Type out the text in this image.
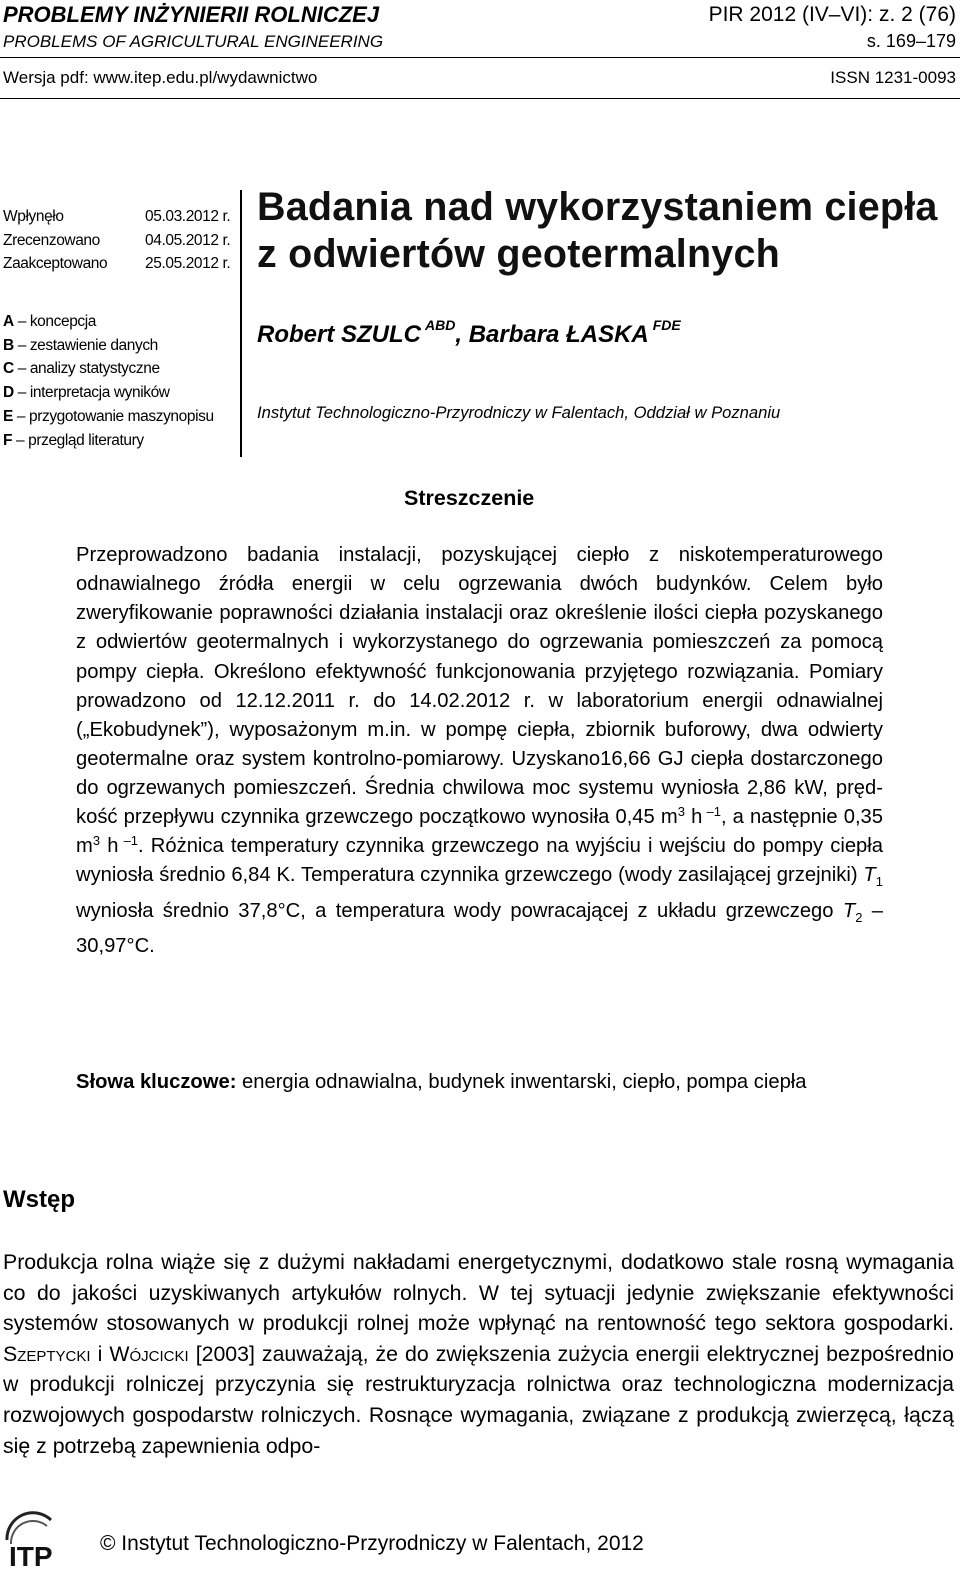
PROBLEMY INŻYNIERII ROLNICZEJ
PROBLEMS OF AGRICULTURAL ENGINEERING
PIR 2012 (IV–VI): z. 2 (76)
s. 169–179
Wersja pdf: www.itep.edu.pl/wydawnictwo	ISSN 1231-0093
Wpłynęło	05.03.2012 r.
Zrecenzowano	04.05.2012 r.
Zaakceptowano	25.05.2012 r.
A – koncepcja
B – zestawienie danych
C – analizy statystyczne
D – interpretacja wyników
E – przygotowanie maszynopisu
F – przegląd literatury
Badania nad wykorzystaniem ciepła
z odwiertów geotermalnych
Robert SZULC $^{ABD}$, Barbara ŁASKA $^{FDE}$
Instytut Technologiczno-Przyrodniczy w Falentach, Oddział w Poznaniu
Streszczenie

Przeprowadzono badania instalacji, pozyskującej ciepło z niskotemperaturowego odnawialnego źródła energii w celu ogrzewania dwóch budynków. Celem było zweryfikowanie poprawności działania instalacji oraz określenie ilości ciepła pozyskanego z odwiertów geotermalnych i wykorzystanego do ogrzewania pomieszczeń za pomocą pompy ciepła. Określono efektywność funkcjonowania przyjętego rozwiązania. Pomiary prowadzono od 12.12.2011 r. do 14.02.2012 r. w laboratorium energii odnawialnej („Ekobudynek”), wyposażonym m.in. w pompę ciepła, zbiornik buforowy, dwa odwierty geotermalne oraz system kontrolno-pomiarowy. Uzyskano16,66 GJ ciepła dostarczonego do ogrzewanych pomieszczeń. Średnia chwilowa moc systemu wyniosła 2,86 kW, prędkość przepływu czynnika grzewczego początkowo wynosiła 0,45 $m^3$ h $^{-1}$, a następnie 0,35 $m^3$ h $^{-1}$. Różnica temperatury czynnika grzewczego na wyjściu i wejściu do pompy ciepła wyniosła średnio 6,84 K. Temperatura czynnika grzewczego (wody zasilającej grzejniki) $T_1$ wyniosła średnio 37,8°C, a temperatura wody powracającej z układu grzewczego $T_2 - 30,97^\circ C$.

Słowa kluczowe: energia odnawialna, budynek inwentarski, ciepło, pompa ciepła
Wstęp

Produkcja rolna wiąże się z dużymi nakładami energetycznymi, dodatkowo stale rosną wymagania co do jakości uzyskiwanych artykułów rolnych. W tej sytuacji jedynie zwiększanie efektywności systemów stosowanych w produkcji rolnej może wpłynąć na rentowność tego sektora gospodarki. Szeptycki i Wójcicki [2003] zauważają, że do zwiększenia zużycia energii elektrycznej bezpośrednio w produkcji rolniczej przyczynia się restrukturyzacja rolnictwa oraz technologiczna modernizacja rozwojowych gospodarstw rolniczych. Rosnące wymagania, związane z produkcją zwierzęcą, łączą się z potrzebą zapewnienia odpo-

ITP © Instytut Technologiczno-Przyrodniczy w Falentach, 2012
